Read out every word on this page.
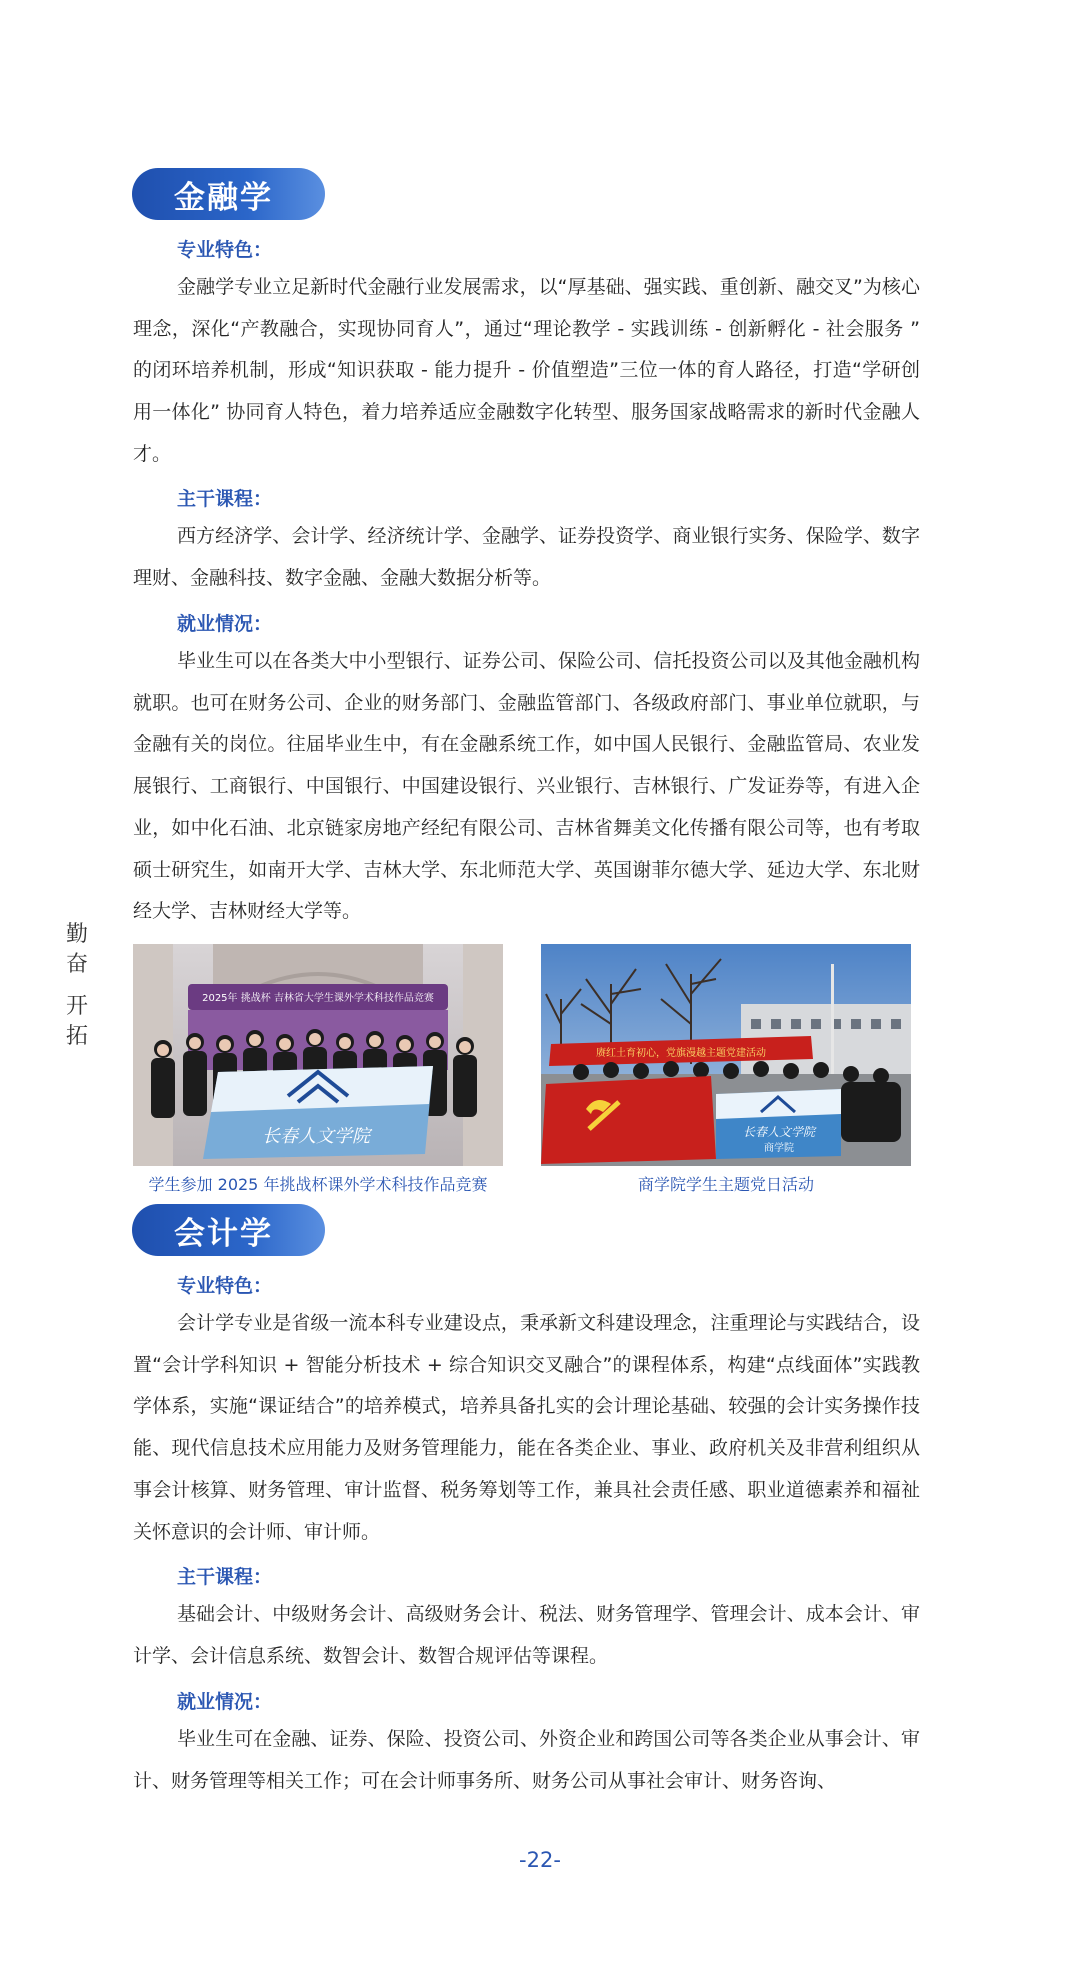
勤
奋
开
拓
金融学
专业特色：

金融学专业立足新时代金融行业发展需求，以“厚基础、强实践、重创新、融交叉”为核心理念，深化“产教融合，实现协同育人”，通过“理论教学 - 实践训练 - 创新孵化 - 社会服务 ” 的闭环培养机制，形成“知识获取 - 能力提升 - 价值塑造”三位一体的育人路径，打造“学研创用一体化” 协同育人特色，着力培养适应金融数字化转型、服务国家战略需求的新时代金融人才。

主干课程：

西方经济学、会计学、经济统计学、金融学、证券投资学、商业银行实务、保险学、数字理财、金融科技、数字金融、金融大数据分析等。

就业情况：

毕业生可以在各类大中小型银行、证券公司、保险公司、信托投资公司以及其他金融机构就职。也可在财务公司、企业的财务部门、金融监管部门、各级政府部门、事业单位就职，与金融有关的岗位。往届毕业生中，有在金融系统工作，如中国人民银行、金融监管局、农业发展银行、工商银行、中国银行、中国建设银行、兴业银行、吉林银行、广发证券等，有进入企业，如中化石油、北京链家房地产经纪有限公司、吉林省舞美文化传播有限公司等，也有考取硕士研究生，如南开大学、吉林大学、东北师范大学、英国谢菲尔德大学、延边大学、东北财经大学、吉林财经大学等。

2025年 挑战杯 吉林省大学生课外学术科技作品竞赛
长春人文学院
学生参加 2025 年挑战杯课外学术科技作品竞赛
赓红土育初心，党旗漫越主题党建活动
长春人文学院
商学院
商学院学生主题党日活动
会计学
专业特色：

会计学专业是省级一流本科专业建设点，秉承新文科建设理念，注重理论与实践结合，设置“会计学科知识 + 智能分析技术 + 综合知识交叉融合”的课程体系，构建“点线面体”实践教学体系，实施“课证结合”的培养模式，培养具备扎实的会计理论基础、较强的会计实务操作技能、现代信息技术应用能力及财务管理能力，能在各类企业、事业、政府机关及非营利组织从事会计核算、财务管理、审计监督、税务筹划等工作，兼具社会责任感、职业道德素养和福祉关怀意识的会计师、审计师。

主干课程：

基础会计、中级财务会计、高级财务会计、税法、财务管理学、管理会计、成本会计、审计学、会计信息系统、数智会计、数智合规评估等课程。

就业情况：

毕业生可在金融、证券、保险、投资公司、外资企业和跨国公司等各类企业从事会计、审计、财务管理等相关工作；可在会计师事务所、财务公司从事社会审计、财务咨询、

-22-
